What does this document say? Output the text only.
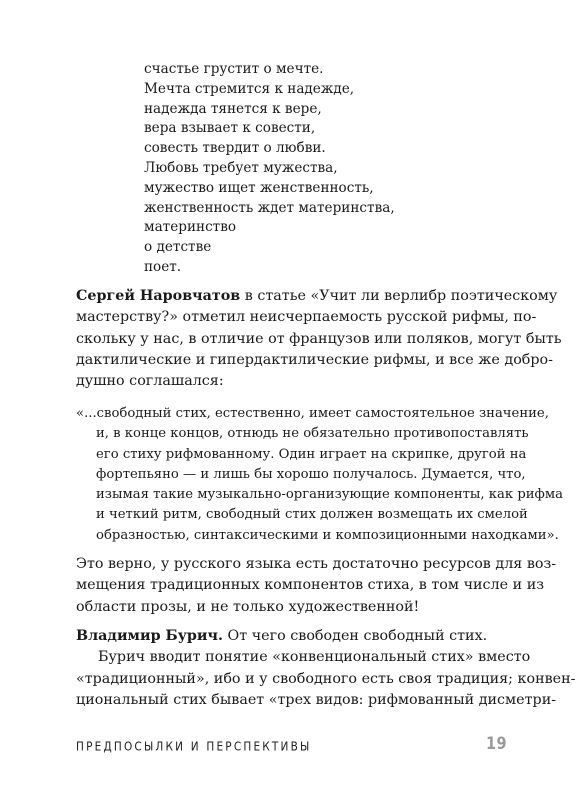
счастье грустит о мечте.
Мечта стремится к надежде,
надежда тянется к вере,
вера взывает к совести,
совесть твердит о любви.
Любовь требует мужества,
мужество ищет женственность,
женственность ждет материнства,
материнство
о детстве
поет.
Сергей Наровчатов в статье «Учит ли верлибр поэтическому
мастерству?» отметил неисчерпаемость русской рифмы, по-
скольку у нас, в отличие от французов или поляков, могут быть
дактилические и гипердактилические рифмы, и все же добро-
душно соглашался:
«...свободный стих, естественно, имеет самостоятельное значение,
и, в конце концов, отнюдь не обязательно противопоставлять
его стиху рифмованному. Один играет на скрипке, другой на
фортепьяно — и лишь бы хорошо получалось. Думается, что,
изымая такие музыкально-организующие компоненты, как рифма
и четкий ритм, свободный стих должен возмещать их смелой
образностью, синтаксическими и композиционными находками».
Это верно, у русского языка есть достаточно ресурсов для воз-
мещения традиционных компонентов стиха, в том числе и из
области прозы, и не только художественной!
Владимир Бурич. От чего свободен свободный стих.
Бурич вводит понятие «конвенциональный стих» вместо
«традиционный», ибо и у свободного есть своя традиция; конвен-
циональный стих бывает «трех видов: рифмованный дисметри-
ПРЕДПОСЫЛКИ И ПЕРСПЕКТИВЫ	19
